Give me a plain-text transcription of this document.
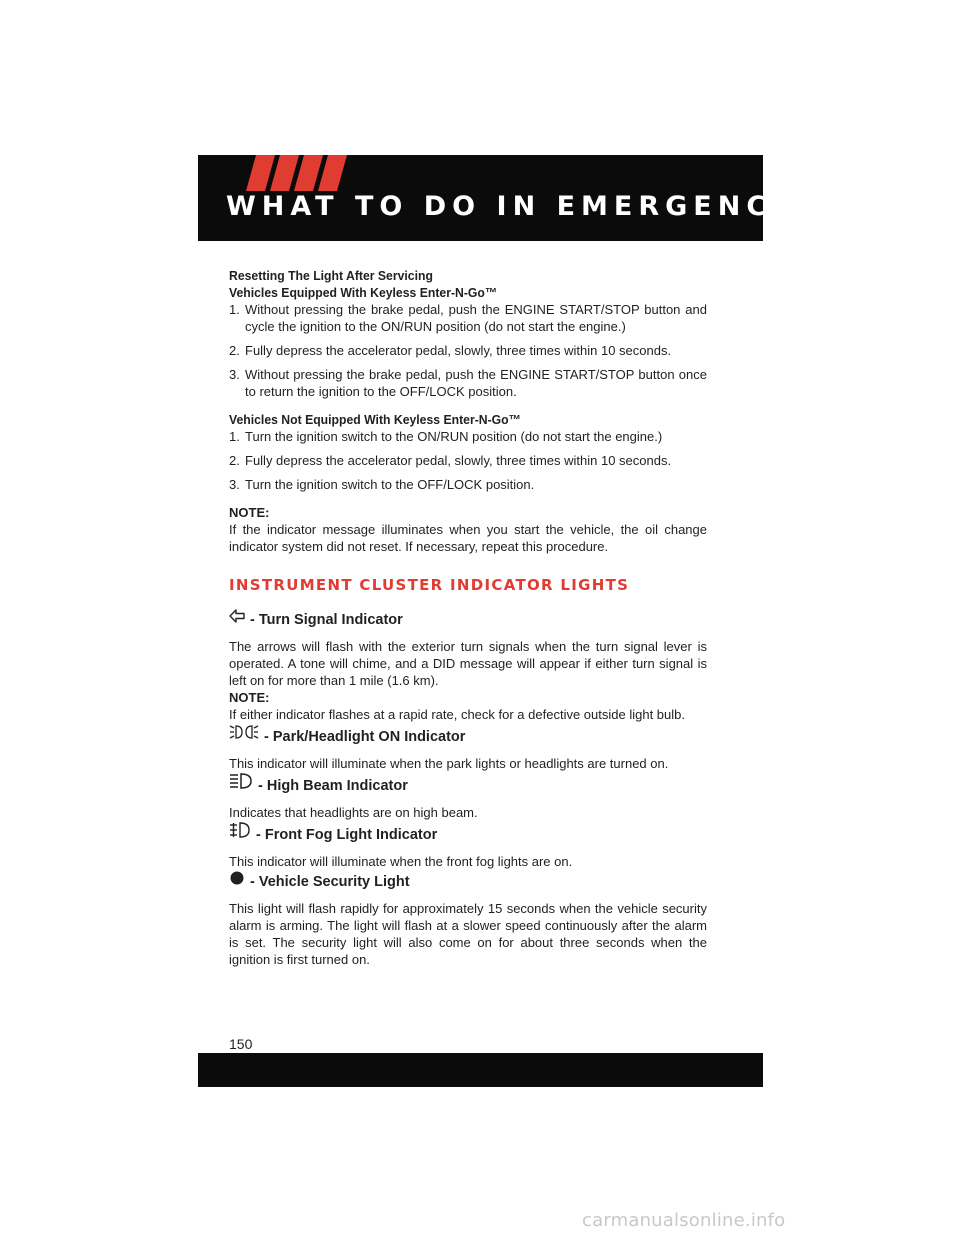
WHAT TO DO IN EMERGENCIES

Resetting The Light After Servicing

Vehicles Equipped With Keyless Enter-N-Go™

1. Without pressing the brake pedal, push the ENGINE START/STOP button and cycle the ignition to the ON/RUN position (do not start the engine.)
2. Fully depress the accelerator pedal, slowly, three times within 10 seconds.
3. Without pressing the brake pedal, push the ENGINE START/STOP button once to return the ignition to the OFF/LOCK position.

Vehicles Not Equipped With Keyless Enter-N-Go™

1. Turn the ignition switch to the ON/RUN position (do not start the engine.)
2. Fully depress the accelerator pedal, slowly, three times within 10 seconds.
3. Turn the ignition switch to the OFF/LOCK position.

NOTE:

If the indicator message illuminates when you start the vehicle, the oil change indicator system did not reset. If necessary, repeat this procedure.

INSTRUMENT CLUSTER INDICATOR LIGHTS
- Turn Signal Indicator

The arrows will flash with the exterior turn signals when the turn signal lever is operated. A tone will chime, and a DID message will appear if either turn signal is left on for more than 1 mile (1.6 km).

NOTE:

If either indicator flashes at a rapid rate, check for a defective outside light bulb.

- Park/Headlight ON Indicator

This indicator will illuminate when the park lights or headlights are turned on.

- High Beam Indicator

Indicates that headlights are on high beam.

- Front Fog Light Indicator

This indicator will illuminate when the front fog lights are on.

- Vehicle Security Light

This light will flash rapidly for approximately 15 seconds when the vehicle security alarm is arming. The light will flash at a slower speed continuously after the alarm is set. The security light will also come on for about three seconds when the ignition is first turned on.

150
carmanualsonline.info
